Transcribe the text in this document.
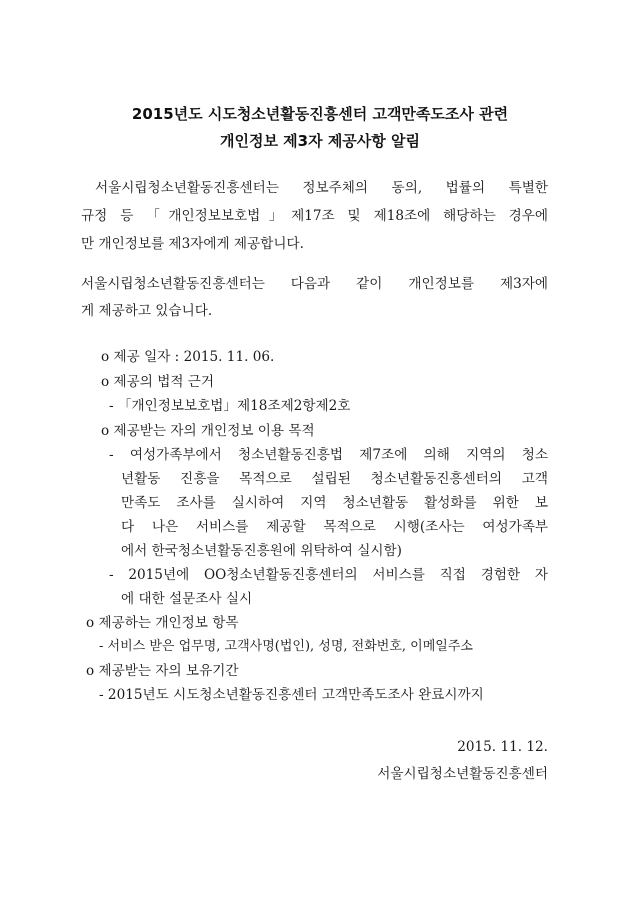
2015년도 시도청소년활동진흥센터 고객만족도조사 관련
개인정보 제3자 제공사항 알림
서울시립청소년활동진흥센터는 정보주체의 동의, 법률의 특별한
규정 등 「개인정보보호법」제17조 및 제18조에 해당하는 경우에
만 개인정보를 제3자에게 제공합니다.
서울시립청소년활동진흥센터는 다음과 같이 개인정보를 제3자에
게 제공하고 있습니다.
o 제공 일자 : 2015. 11. 06.
o 제공의 법적 근거
- 「개인정보보호법」제18조제2항제2호
o 제공받는 자의 개인정보 이용 목적
- 여성가족부에서 청소년활동진흥법 제7조에 의해 지역의 청소
년활동 진흥을 목적으로 설립된 청소년활동진흥센터의 고객
만족도 조사를 실시하여 지역 청소년활동 활성화를 위한 보
다 나은 서비스를 제공할 목적으로 시행(조사는 여성가족부
에서 한국청소년활동진흥원에 위탁하여 실시함)
- 2015년에 OO청소년활동진흥센터의 서비스를 직접 경험한 자
에 대한 설문조사 실시
o 제공하는 개인정보 항목
- 서비스 받은 업무명, 고객사명(법인), 성명, 전화번호, 이메일주소
o 제공받는 자의 보유기간
- 2015년도 시도청소년활동진흥센터 고객만족도조사 완료시까지
2015. 11. 12.
서울시립청소년활동진흥센터
